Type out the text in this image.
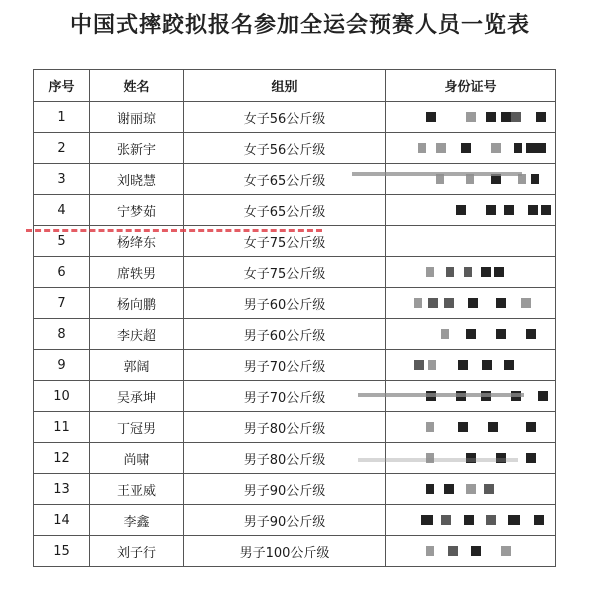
中国式摔跤拟报名参加全运会预赛人员一览表
序号	姓名	组别	身份证号
1	谢丽琼	女子56公斤级	

2	张新宇	女子56公斤级	

3	刘晓慧	女子65公斤级	

4	宁梦茹	女子65公斤级	

5	杨绛东	女子75公斤级	

6	席轶男	女子75公斤级	

7	杨向鹏	男子60公斤级	

8	李庆超	男子60公斤级	

9	郭阔	男子70公斤级	

10	吴承坤	男子70公斤级	

11	丁冠男	男子80公斤级	

12	尚啸	男子80公斤级	

13	王亚威	男子90公斤级	

14	李鑫	男子90公斤级	

15	刘子行	男子100公斤级	
